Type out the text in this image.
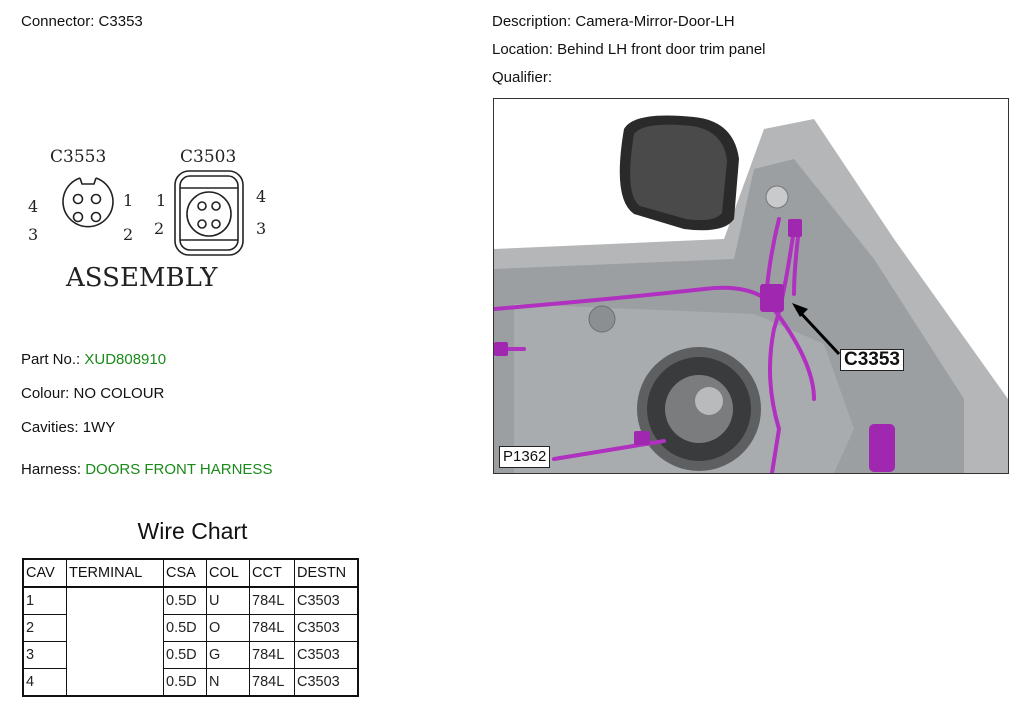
Connector: C3353	Description: Camera-Mirror-Door-LH
Location: Behind LH front door trim panel
Qualifier:
C3553
4	1
3	2
C3503
1	4
2	3
ASSEMBLY
Part No.: XUD808910
Colour: NO COLOUR
Cavities: 1WY
Harness: DOORS FRONT HARNESS
C3353
P1362
Wire Chart
CAV	TERMINAL	CSA	COL	CCT	DESTN
1		0.5D	U	784L	C3503
2		0.5D	O	784L	C3503
3		0.5D	G	784L	C3503
4		0.5D	N	784L	C3503
